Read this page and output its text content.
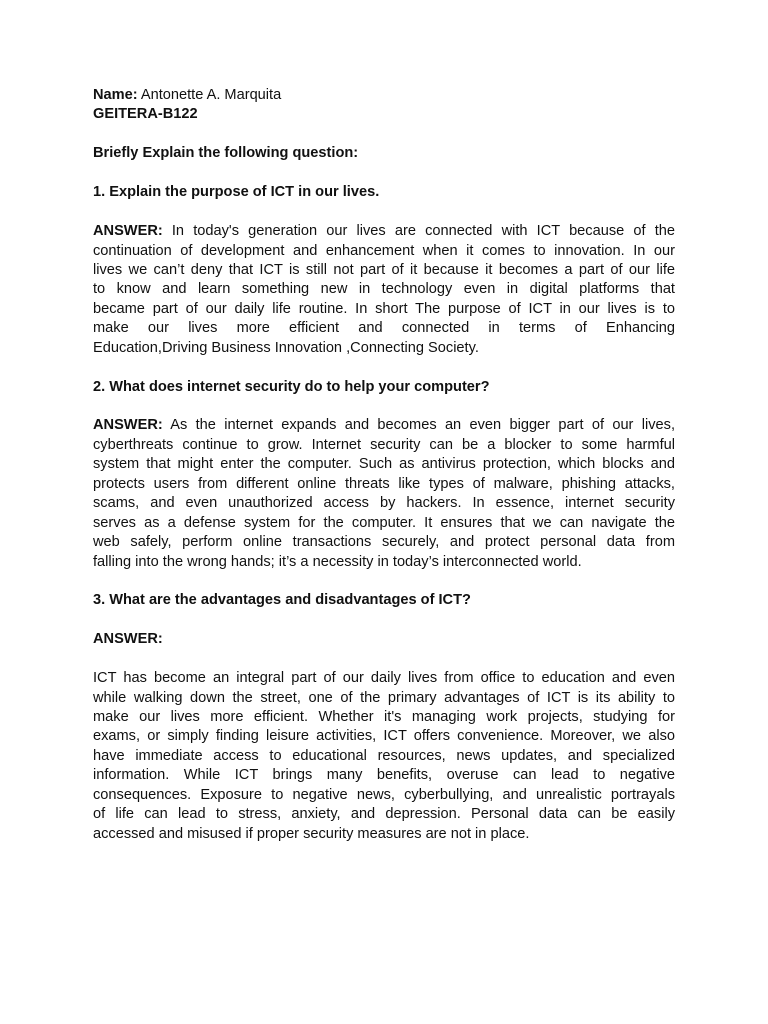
Name: Antonette A. Marquita
GEITERA-B122
Briefly Explain the following question:
1. Explain the purpose of ICT in our lives.
ANSWER: In today's generation our lives are connected with ICT because of the
continuation of development and enhancement when it comes to innovation. In our
lives we can’t deny that ICT is still not part of it because it becomes a part of our life
to know and learn something new in technology even in digital platforms that
became part of our daily life routine. In short The purpose of ICT in our lives is to
make our lives more efficient and connected in terms of Enhancing
Education,Driving Business Innovation ,Connecting Society.
2. What does internet security do to help your computer?
ANSWER: As the internet expands and becomes an even bigger part of our lives,
cyberthreats continue to grow. Internet security can be a blocker to some harmful
system that might enter the computer. Such as antivirus protection, which blocks and
protects users from different online threats like types of malware, phishing attacks,
scams, and even unauthorized access by hackers. In essence, internet security
serves as a defense system for the computer. It ensures that we can navigate the
web safely, perform online transactions securely, and protect personal data from
falling into the wrong hands; it’s a necessity in today’s interconnected world.
3. What are the advantages and disadvantages of ICT?
ANSWER:
ICT has become an integral part of our daily lives from office to education and even
while walking down the street, one of the primary advantages of ICT is its ability to
make our lives more efficient. Whether it's managing work projects, studying for
exams, or simply finding leisure activities, ICT offers convenience. Moreover, we also
have immediate access to educational resources, news updates, and specialized
information. While ICT brings many benefits, overuse can lead to negative
consequences. Exposure to negative news, cyberbullying, and unrealistic portrayals
of life can lead to stress, anxiety, and depression. Personal data can be easily
accessed and misused if proper security measures are not in place.
